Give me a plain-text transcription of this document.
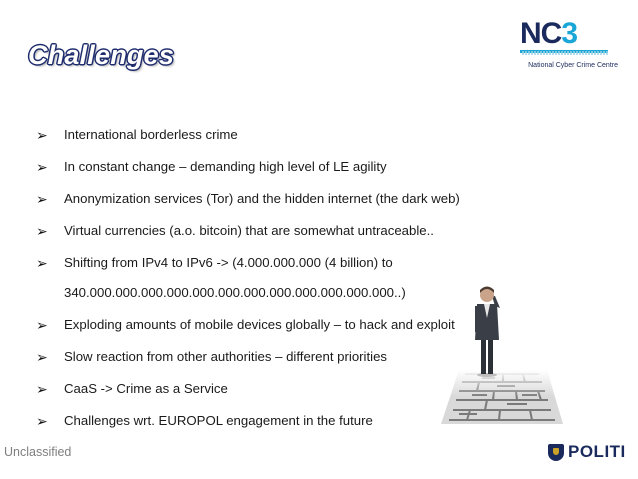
Challenges
NC3
National Cyber Crime Centre
➢	International borderless crime
➢	In constant change – demanding high level of LE agility
➢	Anonymization services (Tor) and the hidden internet (the dark web)
➢	Virtual currencies (a.o. bitcoin) that are somewhat untraceable..
➢	Shifting from IPv4 to IPv6 -> (4.000.000.000 (4 billion) to
340.000.000.000.000.000.000.000.000.000.000.000.000..)
➢	Exploding amounts of mobile devices globally – to hack and exploit
➢	Slow reaction from other authorities – different priorities
➢	CaaS -> Crime as a Service
➢	Challenges wrt. EUROPOL engagement in the future
Unclassified	POLITI
